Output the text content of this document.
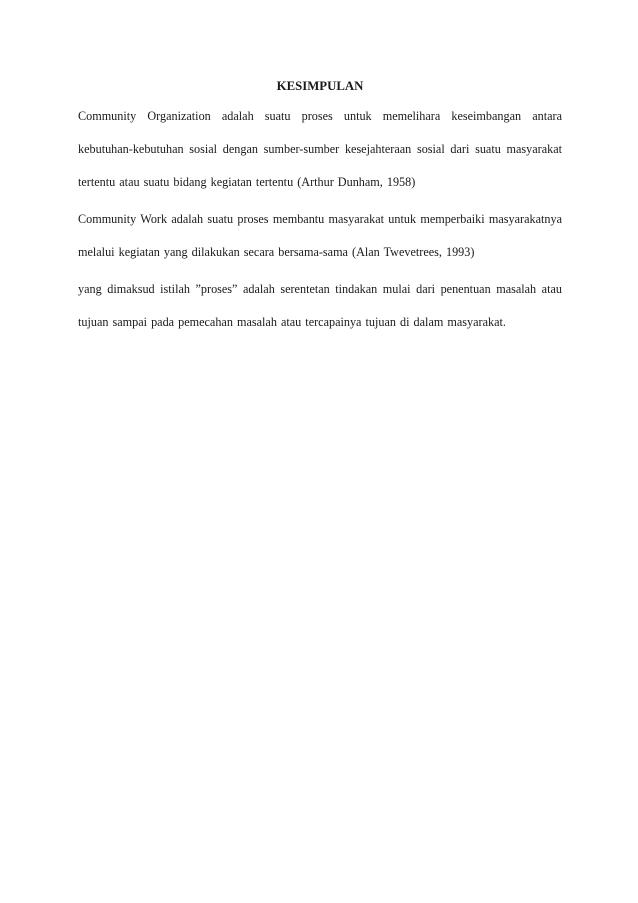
KESIMPULAN

Community Organization adalah suatu proses untuk memelihara keseimbangan antara kebutuhan-kebutuhan sosial dengan sumber-sumber kesejahteraan sosial dari suatu masyarakat tertentu atau suatu bidang kegiatan tertentu (Arthur Dunham, 1958)

Community Work adalah suatu proses membantu masyarakat untuk memperbaiki masyarakatnya melalui kegiatan yang dilakukan secara bersama-sama (Alan Twevetrees, 1993)

yang dimaksud istilah ”proses” adalah serentetan tindakan mulai dari penentuan masalah atau tujuan sampai pada pemecahan masalah atau tercapainya tujuan di dalam masyarakat.
